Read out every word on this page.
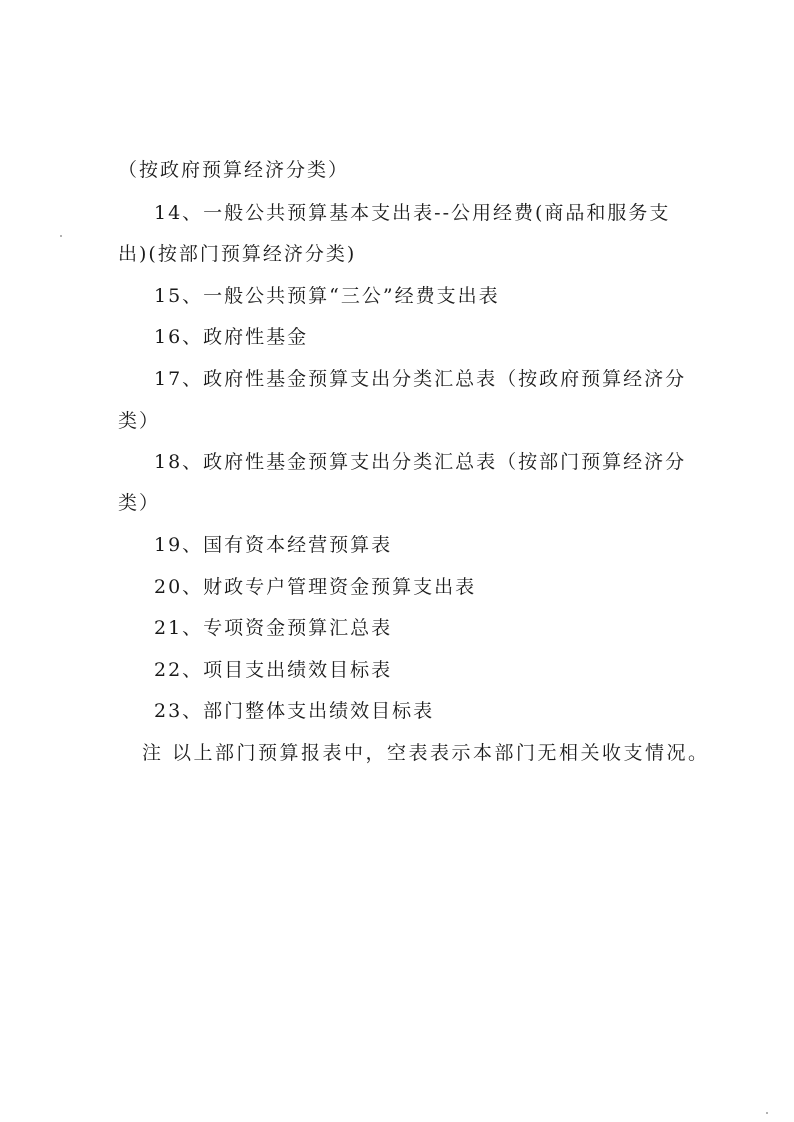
（按政府预算经济分类）
14、一般公共预算基本支出表--公用经费(商品和服务支
出)(按部门预算经济分类)
15、一般公共预算“三公”经费支出表
16、政府性基金
17、政府性基金预算支出分类汇总表（按政府预算经济分
类）
18、政府性基金预算支出分类汇总表（按部门预算经济分
类）
19、国有资本经营预算表
20、财政专户管理资金预算支出表
21、专项资金预算汇总表
22、项目支出绩效目标表
23、部门整体支出绩效目标表
注 以上部门预算报表中，空表表示本部门无相关收支情况。
